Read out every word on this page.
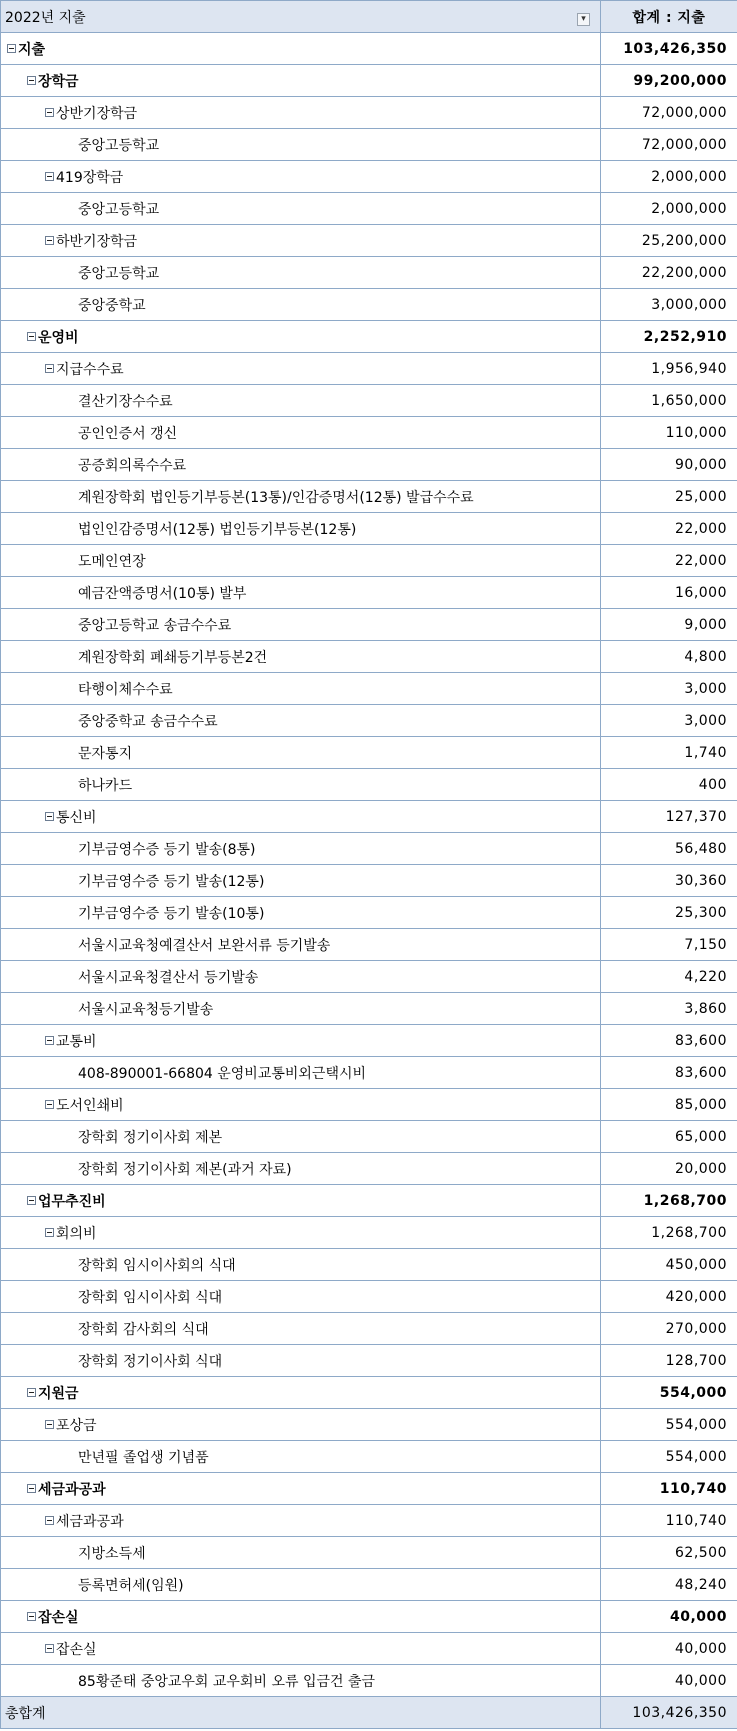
2022년 지출 ▾	합계 : 지출
지출	103,426,350
장학금	99,200,000
상반기장학금	72,000,000
중앙고등학교	72,000,000
419장학금	2,000,000
중앙고등학교	2,000,000
하반기장학금	25,200,000
중앙고등학교	22,200,000
중앙중학교	3,000,000
운영비	2,252,910
지급수수료	1,956,940
결산기장수수료	1,650,000
공인인증서 갱신	110,000
공증회의록수수료	90,000
계원장학회 법인등기부등본(13통)/인감증명서(12통) 발급수수료	25,000
법인인감증명서(12통) 법인등기부등본(12통)	22,000
도메인연장	22,000
예금잔액증명서(10통) 발부	16,000
중앙고등학교 송금수수료	9,000
계원장학회 폐쇄등기부등본2건	4,800
타행이체수수료	3,000
중앙중학교 송금수수료	3,000
문자통지	1,740
하나카드	400
통신비	127,370
기부금영수증 등기 발송(8통)	56,480
기부금영수증 등기 발송(12통)	30,360
기부금영수증 등기 발송(10통)	25,300
서울시교육청예결산서 보완서류 등기발송	7,150
서울시교육청결산서 등기발송	4,220
서울시교육청등기발송	3,860
교통비	83,600
408-890001-66804 운영비교통비외근택시비	83,600
도서인쇄비	85,000
장학회 정기이사회 제본	65,000
장학회 정기이사회 제본(과거 자료)	20,000
업무추진비	1,268,700
회의비	1,268,700
장학회 임시이사회의 식대	450,000
장학회 임시이사회 식대	420,000
장학회 감사회의 식대	270,000
장학회 정기이사회 식대	128,700
지원금	554,000
포상금	554,000
만년필 졸업생 기념품	554,000
세금과공과	110,740
세금과공과	110,740
지방소득세	62,500
등록면허세(임원)	48,240
잡손실	40,000
잡손실	40,000
85황준태 중앙교우회 교우회비 오류 입금건 출금	40,000
총합계	103,426,350
